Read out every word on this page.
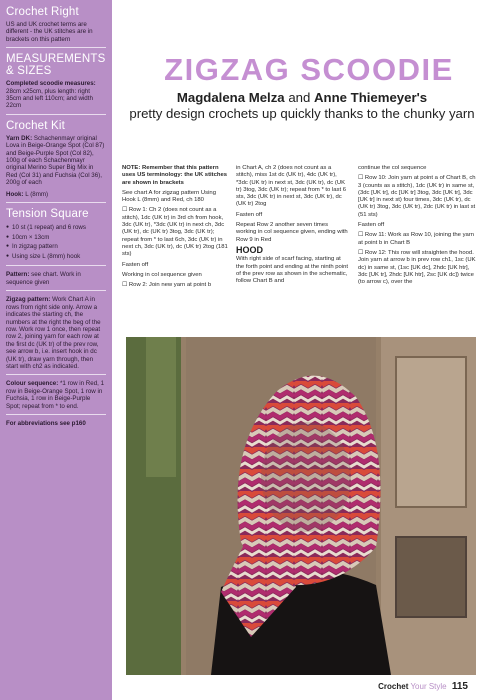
Crochet Right

US and UK crochet terms are different - the UK stitches are in brackets on this pattern

MEASUREMENTS & SIZES

Completed scoodie measures: 28cm x25cm, plus length: right 35cm and left 110cm; and width 22cm

Crochet Kit

Yarn DK: Schachenmayr original Lova in Beige-Orange Spot (Col 87) and Beige-Purple Spot (Col 82), 100g of each Schachenmayr original Merino Super Big Mix in Red (Col 31) and Fuchsia (Col 36), 200g of each

Hook: L (8mm)

Tension Square
● 10 st (1 repeat) and 6 rows
● 10cm × 13cm
● In zigzag pattern
● Using size L (8mm) hook

Pattern: see chart. Work in sequence given

Zigzag pattern: Work Chart A in rows from right side only. Arrow a indicates the starting ch, the numbers at the right the beg of the row. Work row 1 once, then repeat row 2, joining yarn for each row at the first dc (UK tr) of the prev row, see arrow b, i.e. insert hook in dc (UK tr), draw yarn through, then start with ch2 as indicated.

Colour sequence: *1 row in Red, 1 row in Beige-Orange Spot, 1 row in Fuchsia, 1 row in Beige-Purple Spot; repeat from * to end.

For abbreviations see p160

ZIGZAG SCOODIE
Magdalena Melza and Anne Thiemeyer's
pretty design crochets up quickly thanks to the chunky yarn

NOTE: Remember that this pattern uses US terminology: the UK stitches are shown in brackets

See chart A for zigzag pattern Using Hook L (8mm) and Red, ch 180

☐ Row 1: Ch 2 (does not count as a stitch), 1dc (UK tr) in 3rd ch from hook, 3dc (UK tr), *3dc (UK tr) in next ch, 3dc (UK tr), dc (UK tr) 3tog, 3dc (UK tr); repeat from * to last 6ch, 3dc (UK tr) in next ch, 3dc (UK tr), dc (UK tr) 2tog (181 sts)

Fasten off

Working in col sequence given

☐ Row 2: Join new yarn at point b

in Chart A, ch 2 (does not count as a stitch), miss 1st dc (UK tr), 4dc (UK tr), *3dc (UK tr) in next st, 3dc (UK tr), dc (UK tr) 3tog, 3dc (UK tr); repeat from * to last 6 sts, 3dc (UK tr) in next st, 3dc (UK tr), dc (UK tr) 2tog

Fasten off

Repeat Row 2 another seven times working in col sequence given, ending with Row 9 in Red

HOOD

With right side of scarf facing, starting at the forth point and ending at the ninth point of the prev row as shown in the schematic, follow Chart B and

continue the col sequence

☐ Row 10: Join yarn at point a of Chart B, ch 3 (counts as a stitch), 1dc (UK tr) in same st, (3dc [UK tr], dc [UK tr] 3tog, 3dc [UK tr], 3dc [UK tr] in next st) four times, 3dc (UK tr), dc (UK tr) 3tog, 3dc (UK tr), 2dc (UK tr) in last st (51 sts)

Fasten off

☐ Row 11: Work as Row 10, joining the yarn at point b in Chart B

☐ Row 12: This row will straighten the hood. Join yarn at arrow b in prev row ch1, 1sc (UK dc) in same st, (1sc [UK dc], 2hdc [UK htr], 3dc [UK tr], 2hdc [UK htr], 2sc [UK dc]) twice (to arrow c), over the

Crochet Your Style 115
